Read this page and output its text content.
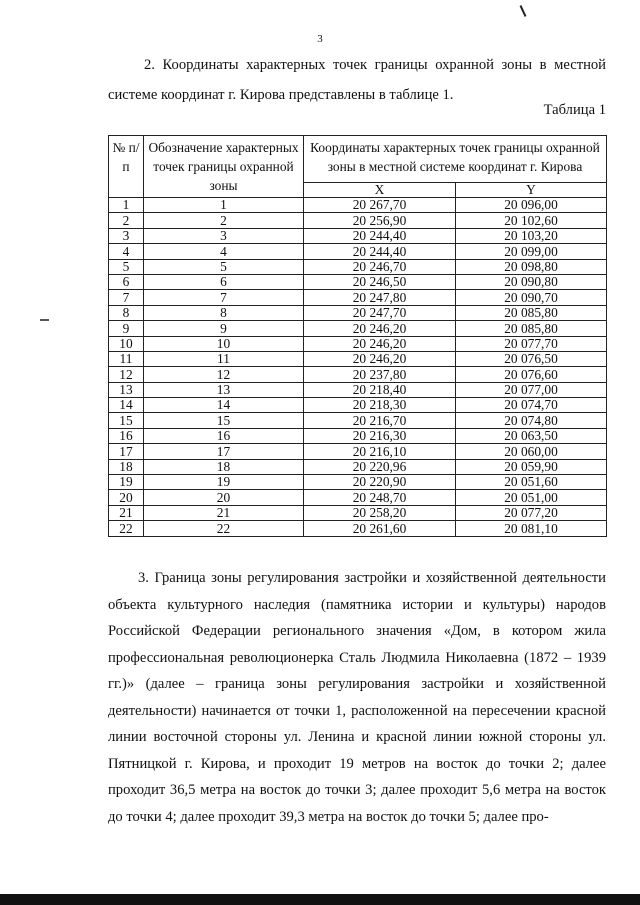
3
2. Координаты характерных точек границы охранной зоны в местной системе координат г. Кирова представлены в таблице 1.
Таблица 1
№ п/п	Обозначение характерных точек границы охранной зоны	Координаты характерных точек границы охранной зоны в местной системе координат г. Кирова	
		X	Y
1	1	20 267,70	20 096,00
2	2	20 256,90	20 102,60
3	3	20 244,40	20 103,20
4	4	20 244,40	20 099,00
5	5	20 246,70	20 098,80
6	6	20 246,50	20 090,80
7	7	20 247,80	20 090,70
8	8	20 247,70	20 085,80
9	9	20 246,20	20 085,80
10	10	20 246,20	20 077,70
11	11	20 246,20	20 076,50
12	12	20 237,80	20 076,60
13	13	20 218,40	20 077,00
14	14	20 218,30	20 074,70
15	15	20 216,70	20 074,80
16	16	20 216,30	20 063,50
17	17	20 216,10	20 060,00
18	18	20 220,96	20 059,90
19	19	20 220,90	20 051,60
20	20	20 248,70	20 051,00
21	21	20 258,20	20 077,20
22	22	20 261,60	20 081,10
3. Граница зоны регулирования застройки и хозяйственной деятельности объекта культурного наследия (памятника истории и культуры) народов Российской Федерации регионального значения «Дом, в котором жила профессиональная революционерка Сталь Людмила Николаевна (1872 – 1939 гг.)» (далее – граница зоны регулирования застройки и хозяйственной деятельности) начинается от точки 1, расположенной на пересечении красной линии восточной стороны ул. Ленина и красной линии южной стороны ул. Пятницкой г. Кирова, и проходит 19 метров на восток до точки 2; далее проходит 36,5 метра на восток до точки 3; далее проходит 5,6 метра на восток до точки 4; далее проходит 39,3 метра на восток до точки 5; далее про-
